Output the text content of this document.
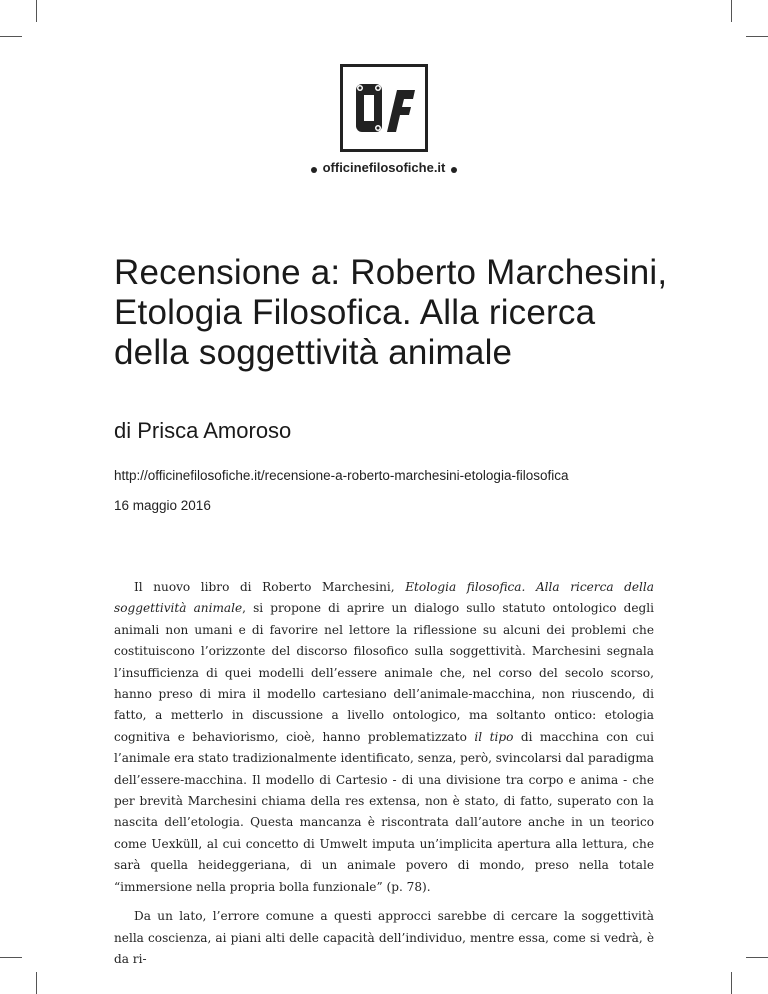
officinefilosofiche.it
Recensione a: Roberto Marchesini, Etologia Filosofica. Alla ricerca della soggettività animale
di Prisca Amoroso
http://officinefilosofiche.it/recensione-a-roberto-marchesini-etologia-filosofica
16 maggio 2016

Il nuovo libro di Roberto Marchesini, Etologia filosofica. Alla ricerca della soggettività animale, si propone di aprire un dialogo sullo statuto ontologico degli animali non umani e di favorire nel lettore la riflessione su alcuni dei problemi che costituiscono l’orizzonte del discorso filosofico sulla soggettività. Marchesini segnala l’insufficienza di quei modelli dell’essere animale che, nel corso del secolo scorso, hanno preso di mira il modello cartesiano dell’animale-macchina, non riuscendo, di fatto, a metterlo in discussione a livello ontologico, ma soltanto ontico: etologia cognitiva e behaviorismo, cioè, hanno problematizzato il tipo di macchina con cui l’animale era stato tradizionalmente identificato, senza, però, svincolarsi dal paradigma dell’essere-macchina. Il modello di Cartesio - di una divisione tra corpo e anima - che per brevità Marchesini chiama della res extensa, non è stato, di fatto, superato con la nascita dell’etologia. Questa mancanza è riscontrata dall’autore anche in un teorico come Uexküll, al cui concetto di Umwelt imputa un’implicita apertura alla lettura, che sarà quella heideggeriana, di un animale povero di mondo, preso nella totale “immersione nella propria bolla funzionale” (p. 78).

Da un lato, l’errore comune a questi approcci sarebbe di cercare la soggettività nella coscienza, ai piani alti delle capacità dell’individuo, mentre essa, come si vedrà, è da ri-
